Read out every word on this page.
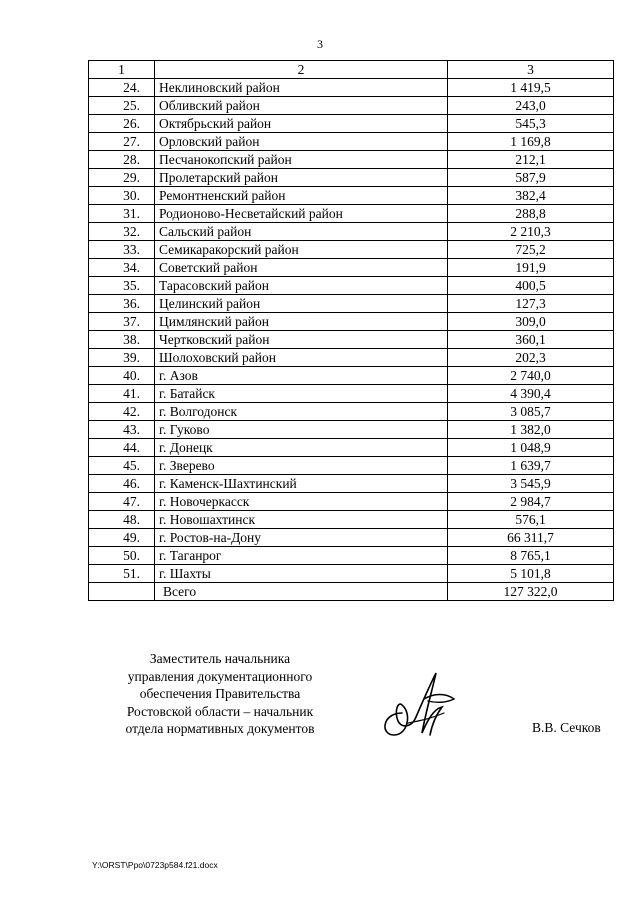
3
1	2	3
24.	Неклиновский район	1 419,5
25.	Обливский район	243,0
26.	Октябрьский район	545,3
27.	Орловский район	1 169,8
28.	Песчанокопский район	212,1
29.	Пролетарский район	587,9
30.	Ремонтненский район	382,4
31.	Родионово-Несветайский район	288,8
32.	Сальский район	2 210,3
33.	Семикаракорский район	725,2
34.	Советский район	191,9
35.	Тарасовский район	400,5
36.	Целинский район	127,3
37.	Цимлянский район	309,0
38.	Чертковский район	360,1
39.	Шолоховский район	202,3
40.	г. Азов	2 740,0
41.	г. Батайск	4 390,4
42.	г. Волгодонск	3 085,7
43.	г. Гуково	1 382,0
44.	г. Донецк	1 048,9
45.	г. Зверево	1 639,7
46.	г. Каменск-Шахтинский	3 545,9
47.	г. Новочеркасск	2 984,7
48.	г. Новошахтинск	576,1
49.	г. Ростов-на-Дону	66 311,7
50.	г. Таганрог	8 765,1
51.	г. Шахты	5 101,8
	Всего	127 322,0
Заместитель начальника
управления документационного
обеспечения Правительства
Ростовской области – начальник
отдела нормативных документов	В.В. Сечков
Y:\ORST\Ppo\0723p584.f21.docx
